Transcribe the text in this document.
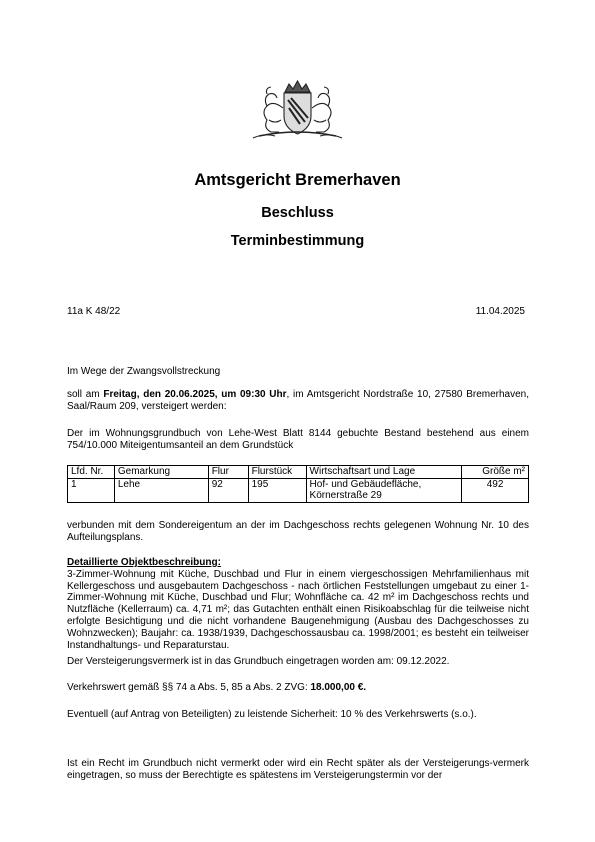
Amtsgericht Bremerhaven
Beschluss
Terminbestimmung
11a K 48/22	11.04.2025
Im Wege der Zwangsvollstreckung
soll am Freitag, den 20.06.2025, um 09:30 Uhr, im Amtsgericht Nordstraße 10, 27580 Bremerhaven, Saal/Raum 209, versteigert werden:
Der im Wohnungsgrundbuch von Lehe-West Blatt 8144 gebuchte Bestand bestehend aus einem 754/10.000 Miteigentumsanteil an dem Grundstück
Lfd. Nr.	Gemarkung	Flur	Flurstück	Wirtschaftsart und Lage	Größe m²
1	Lehe	92	195	Hof- und Gebäudefläche, Körnerstraße 29	492
verbunden mit dem Sondereigentum an der im Dachgeschoss rechts gelegenen Wohnung Nr. 10 des Aufteilungsplans.
Detaillierte Objektbeschreibung:
3-Zimmer-Wohnung mit Küche, Duschbad und Flur in einem viergeschossigen Mehrfamilienhaus mit Kellergeschoss und ausgebautem Dachgeschoss - nach örtlichen Feststellungen umgebaut zu einer 1-Zimmer-Wohnung mit Küche, Duschbad und Flur; Wohnfläche ca. 42 m² im Dachgeschoss rechts und Nutzfläche (Kellerraum) ca. 4,71 m²; das Gutachten enthält einen Risikoabschlag für die teilweise nicht erfolgte Besichtigung und die nicht vorhandene Baugenehmigung (Ausbau des Dachgeschosses zu Wohnzwecken); Baujahr: ca. 1938/1939, Dachgeschossausbau ca. 1998/2001; es besteht ein teilweiser Instandhaltungs- und Reparaturstau.
Der Versteigerungsvermerk ist in das Grundbuch eingetragen worden am: 09.12.2022.
Verkehrswert gemäß §§ 74 a Abs. 5, 85 a Abs. 2 ZVG: 18.000,00 €.
Eventuell (auf Antrag von Beteiligten) zu leistende Sicherheit: 10 % des Verkehrswerts (s.o.).
Ist ein Recht im Grundbuch nicht vermerkt oder wird ein Recht später als der Versteigerungs-vermerk eingetragen, so muss der Berechtigte es spätestens im Versteigerungstermin vor der
